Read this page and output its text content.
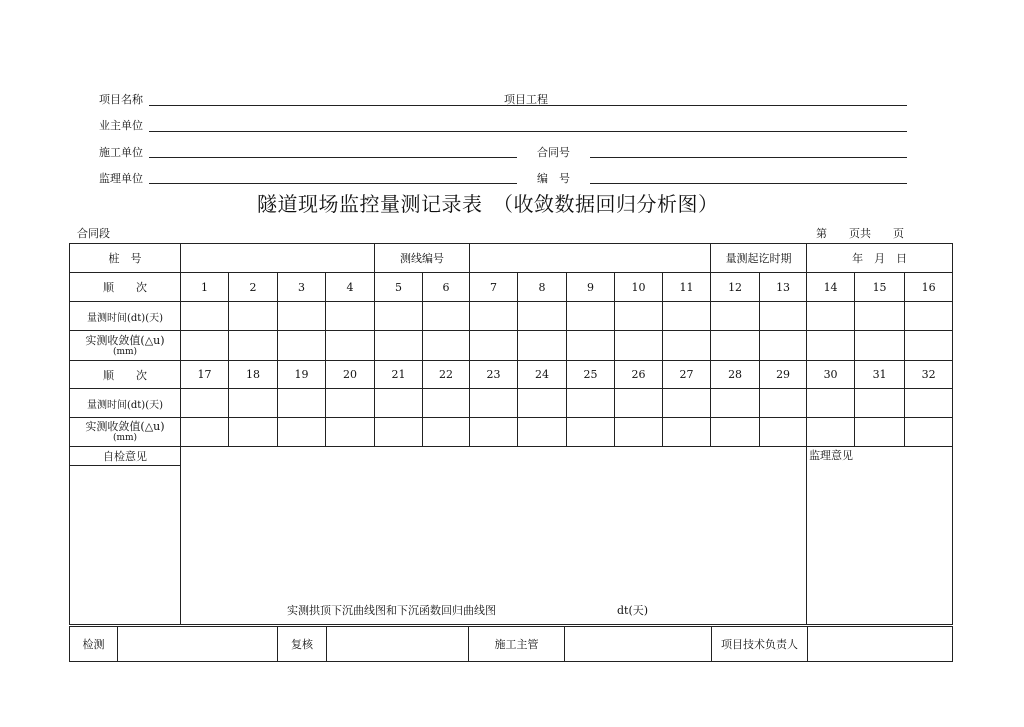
项目名称	项目工程
业主单位
施工单位	合同号
监理单位	编　号
隧道现场监控量测记录表　（收敛数据回归分析图）
合同段	第　　页共　　页
桩　号					测线编号							量测起讫时期		年　月　日		
顺　　次	1	2	3	4	5	6	7	8	9	10	11	12	13	14	15	16
量测时间(dt)(天)																
实测收敛值(△u)
(mm)																

顺　　次	17	18	19	20	21	22	23	24	25	26	27	28	29	30	31	32
量测时间(dt)(天)																
实测收敛值(△u)
(mm)																

自检意见	实测拱顶下沉曲线图和下沉函数回归曲线图 dt(天)													监理意见		

检测		复核		施工主管		项目技术负责人	
